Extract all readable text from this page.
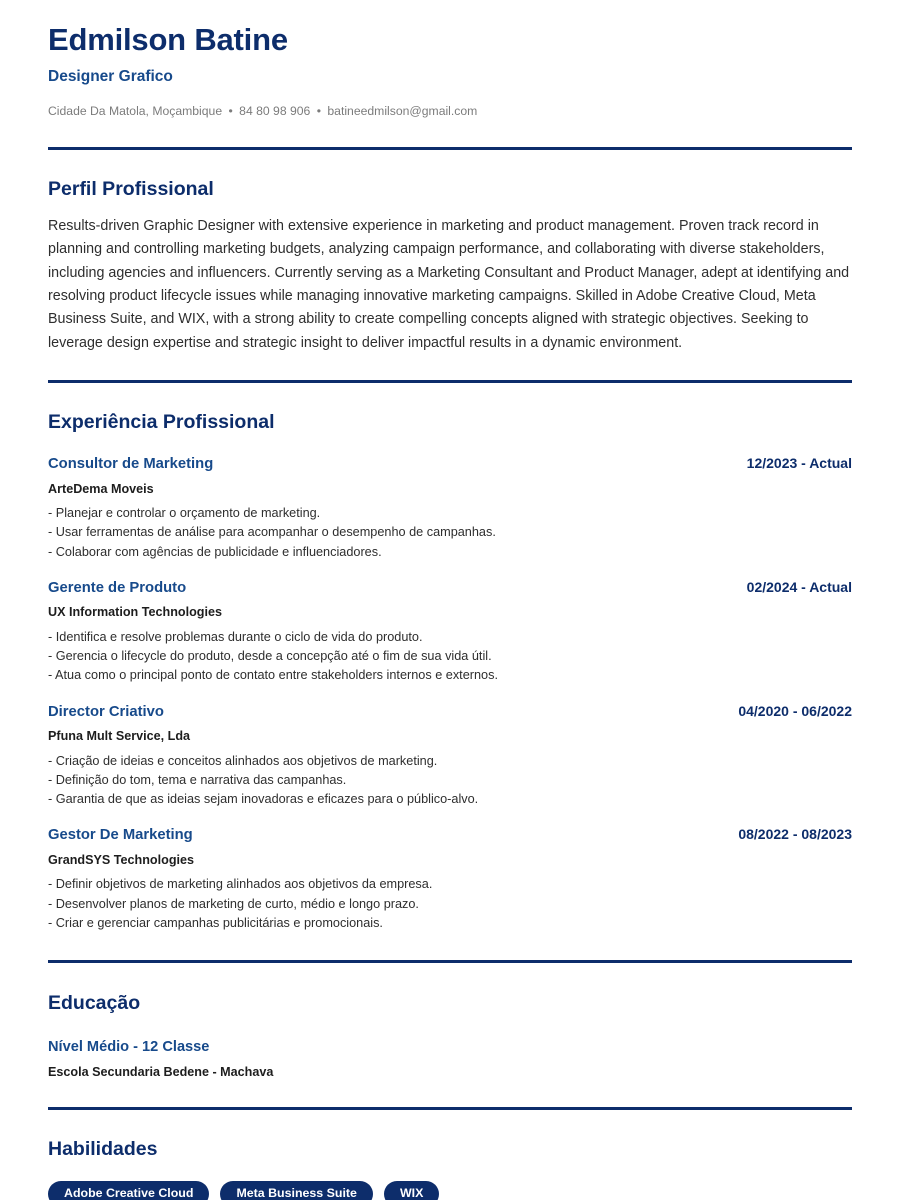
Edmilson Batine
Designer Grafico
Cidade Da Matola, Moçambique • 84 80 98 906 • batineedmilson@gmail.com
Perfil Profissional

Results-driven Graphic Designer with extensive experience in marketing and product management. Proven track record in planning and controlling marketing budgets, analyzing campaign performance, and collaborating with diverse stakeholders, including agencies and influencers. Currently serving as a Marketing Consultant and Product Manager, adept at identifying and resolving product lifecycle issues while managing innovative marketing campaigns. Skilled in Adobe Creative Cloud, Meta Business Suite, and WIX, with a strong ability to create compelling concepts aligned with strategic objectives. Seeking to leverage design expertise and strategic insight to deliver impactful results in a dynamic environment.

Experiência Profissional
Consultor de Marketing	12/2023 - Actual
ArteDema Moveis
- Planejar e controlar o orçamento de marketing.
- Usar ferramentas de análise para acompanhar o desempenho de campanhas.
- Colaborar com agências de publicidade e influenciadores.
Gerente de Produto	02/2024 - Actual
UX Information Technologies
- Identifica e resolve problemas durante o ciclo de vida do produto.
- Gerencia o lifecycle do produto, desde a concepção até o fim de sua vida útil.
- Atua como o principal ponto de contato entre stakeholders internos e externos.
Director Criativo	04/2020 - 06/2022
Pfuna Mult Service, Lda
- Criação de ideias e conceitos alinhados aos objetivos de marketing.
- Definição do tom, tema e narrativa das campanhas.
- Garantia de que as ideias sejam inovadoras e eficazes para o público-alvo.
Gestor De Marketing	08/2022 - 08/2023
GrandSYS Technologies
- Definir objetivos de marketing alinhados aos objetivos da empresa.
- Desenvolver planos de marketing de curto, médio e longo prazo.
- Criar e gerenciar campanhas publicitárias e promocionais.
Educação
Nível Médio - 12 Classe
Escola Secundaria Bedene - Machava
Habilidades
Adobe Creative Cloud	Meta Business Suite	WIX
